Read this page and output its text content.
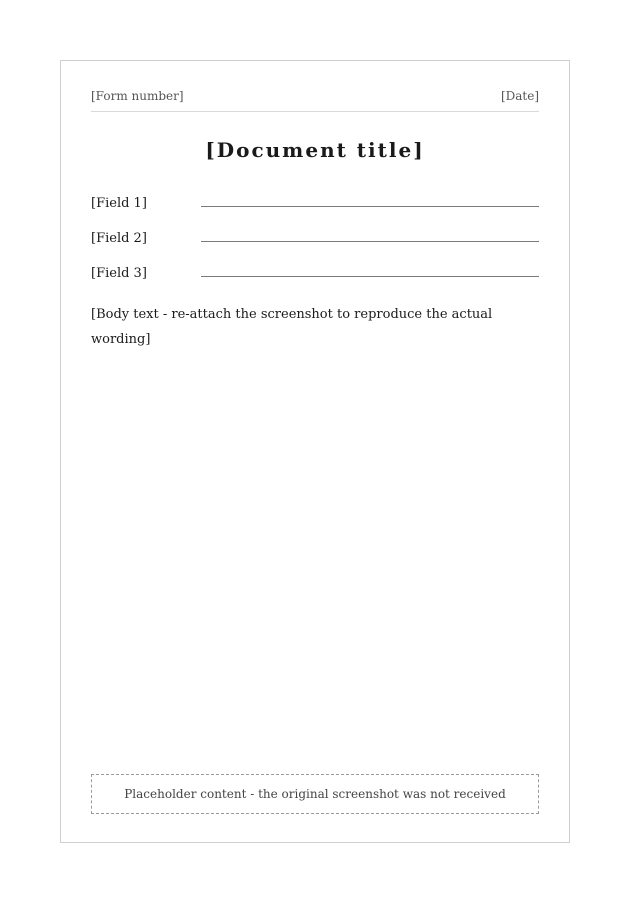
[Form number]	[Date]
[Document title]
[Field 1]
[Field 2]
[Field 3]

[Body text - re-attach the screenshot to reproduce the actual wording]

Placeholder content - the original screenshot was not received
